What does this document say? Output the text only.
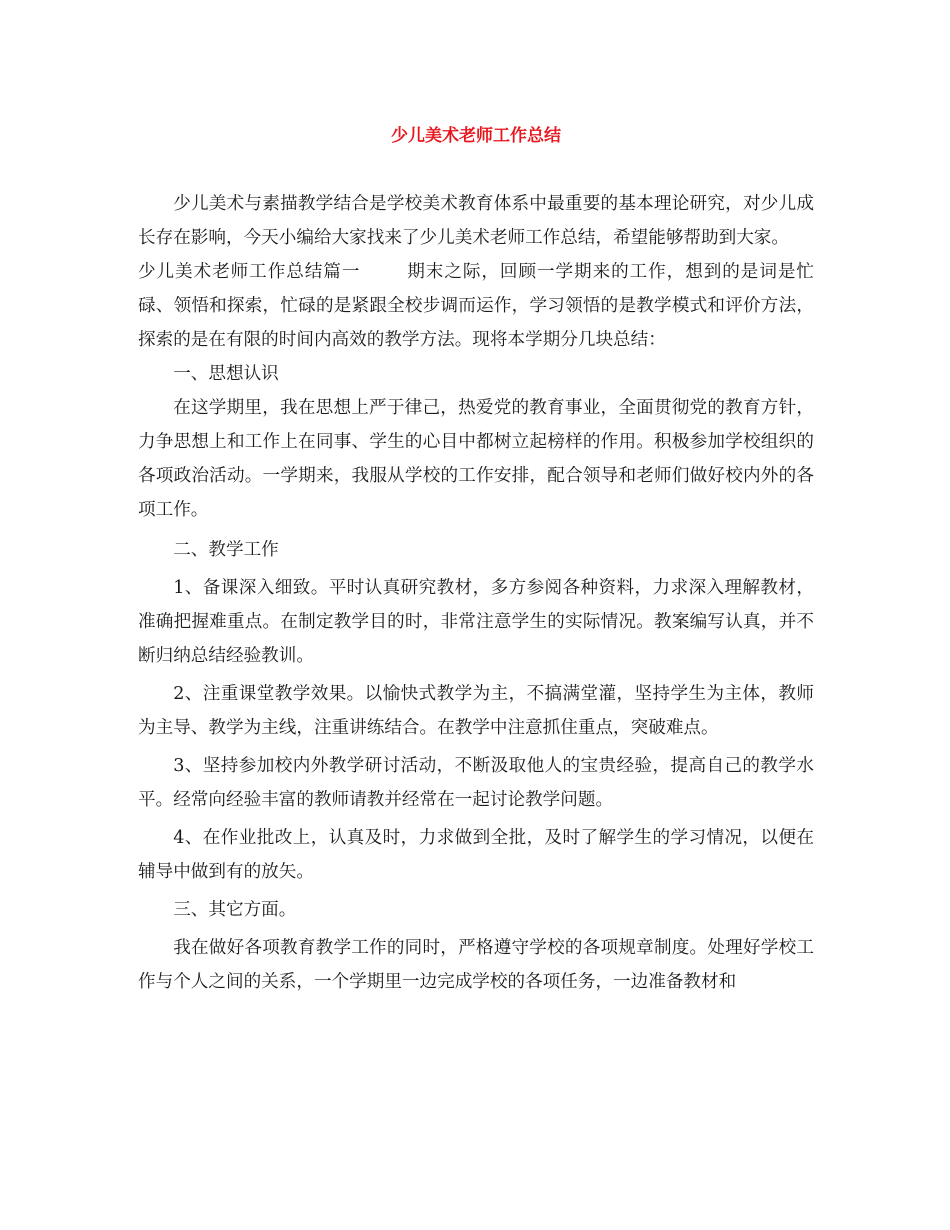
少儿美术老师工作总结

少儿美术与素描教学结合是学校美术教育体系中最重要的基本理论研究，对少儿成长存在影响，今天小编给大家找来了少儿美术老师工作总结，希望能够帮助到大家。

少儿美术老师工作总结篇一	期末之际，回顾一学期来的工作，想到的是词是忙碌、领悟和探索，忙碌的是紧跟全校步调而运作，学习领悟的是教学模式和评价方法，探索的是在有限的时间内高效的教学方法。现将本学期分几块总结：

一、思想认识

在这学期里，我在思想上严于律己，热爱党的教育事业，全面贯彻党的教育方针，力争思想上和工作上在同事、学生的心目中都树立起榜样的作用。积极参加学校组织的各项政治活动。一学期来，我服从学校的工作安排，配合领导和老师们做好校内外的各项工作。

二、教学工作

1、备课深入细致。平时认真研究教材，多方参阅各种资料，力求深入理解教材，准确把握难重点。在制定教学目的时，非常注意学生的实际情况。教案编写认真，并不断归纳总结经验教训。

2、注重课堂教学效果。以愉快式教学为主，不搞满堂灌，坚持学生为主体，教师为主导、教学为主线，注重讲练结合。在教学中注意抓住重点，突破难点。

3、坚持参加校内外教学研讨活动，不断汲取他人的宝贵经验，提高自己的教学水平。经常向经验丰富的教师请教并经常在一起讨论教学问题。

4、在作业批改上，认真及时，力求做到全批，及时了解学生的学习情况，以便在辅导中做到有的放矢。

三、其它方面。

我在做好各项教育教学工作的同时，严格遵守学校的各项规章制度。处理好学校工作与个人之间的关系，一个学期里一边完成学校的各项任务，一边准备教材和
